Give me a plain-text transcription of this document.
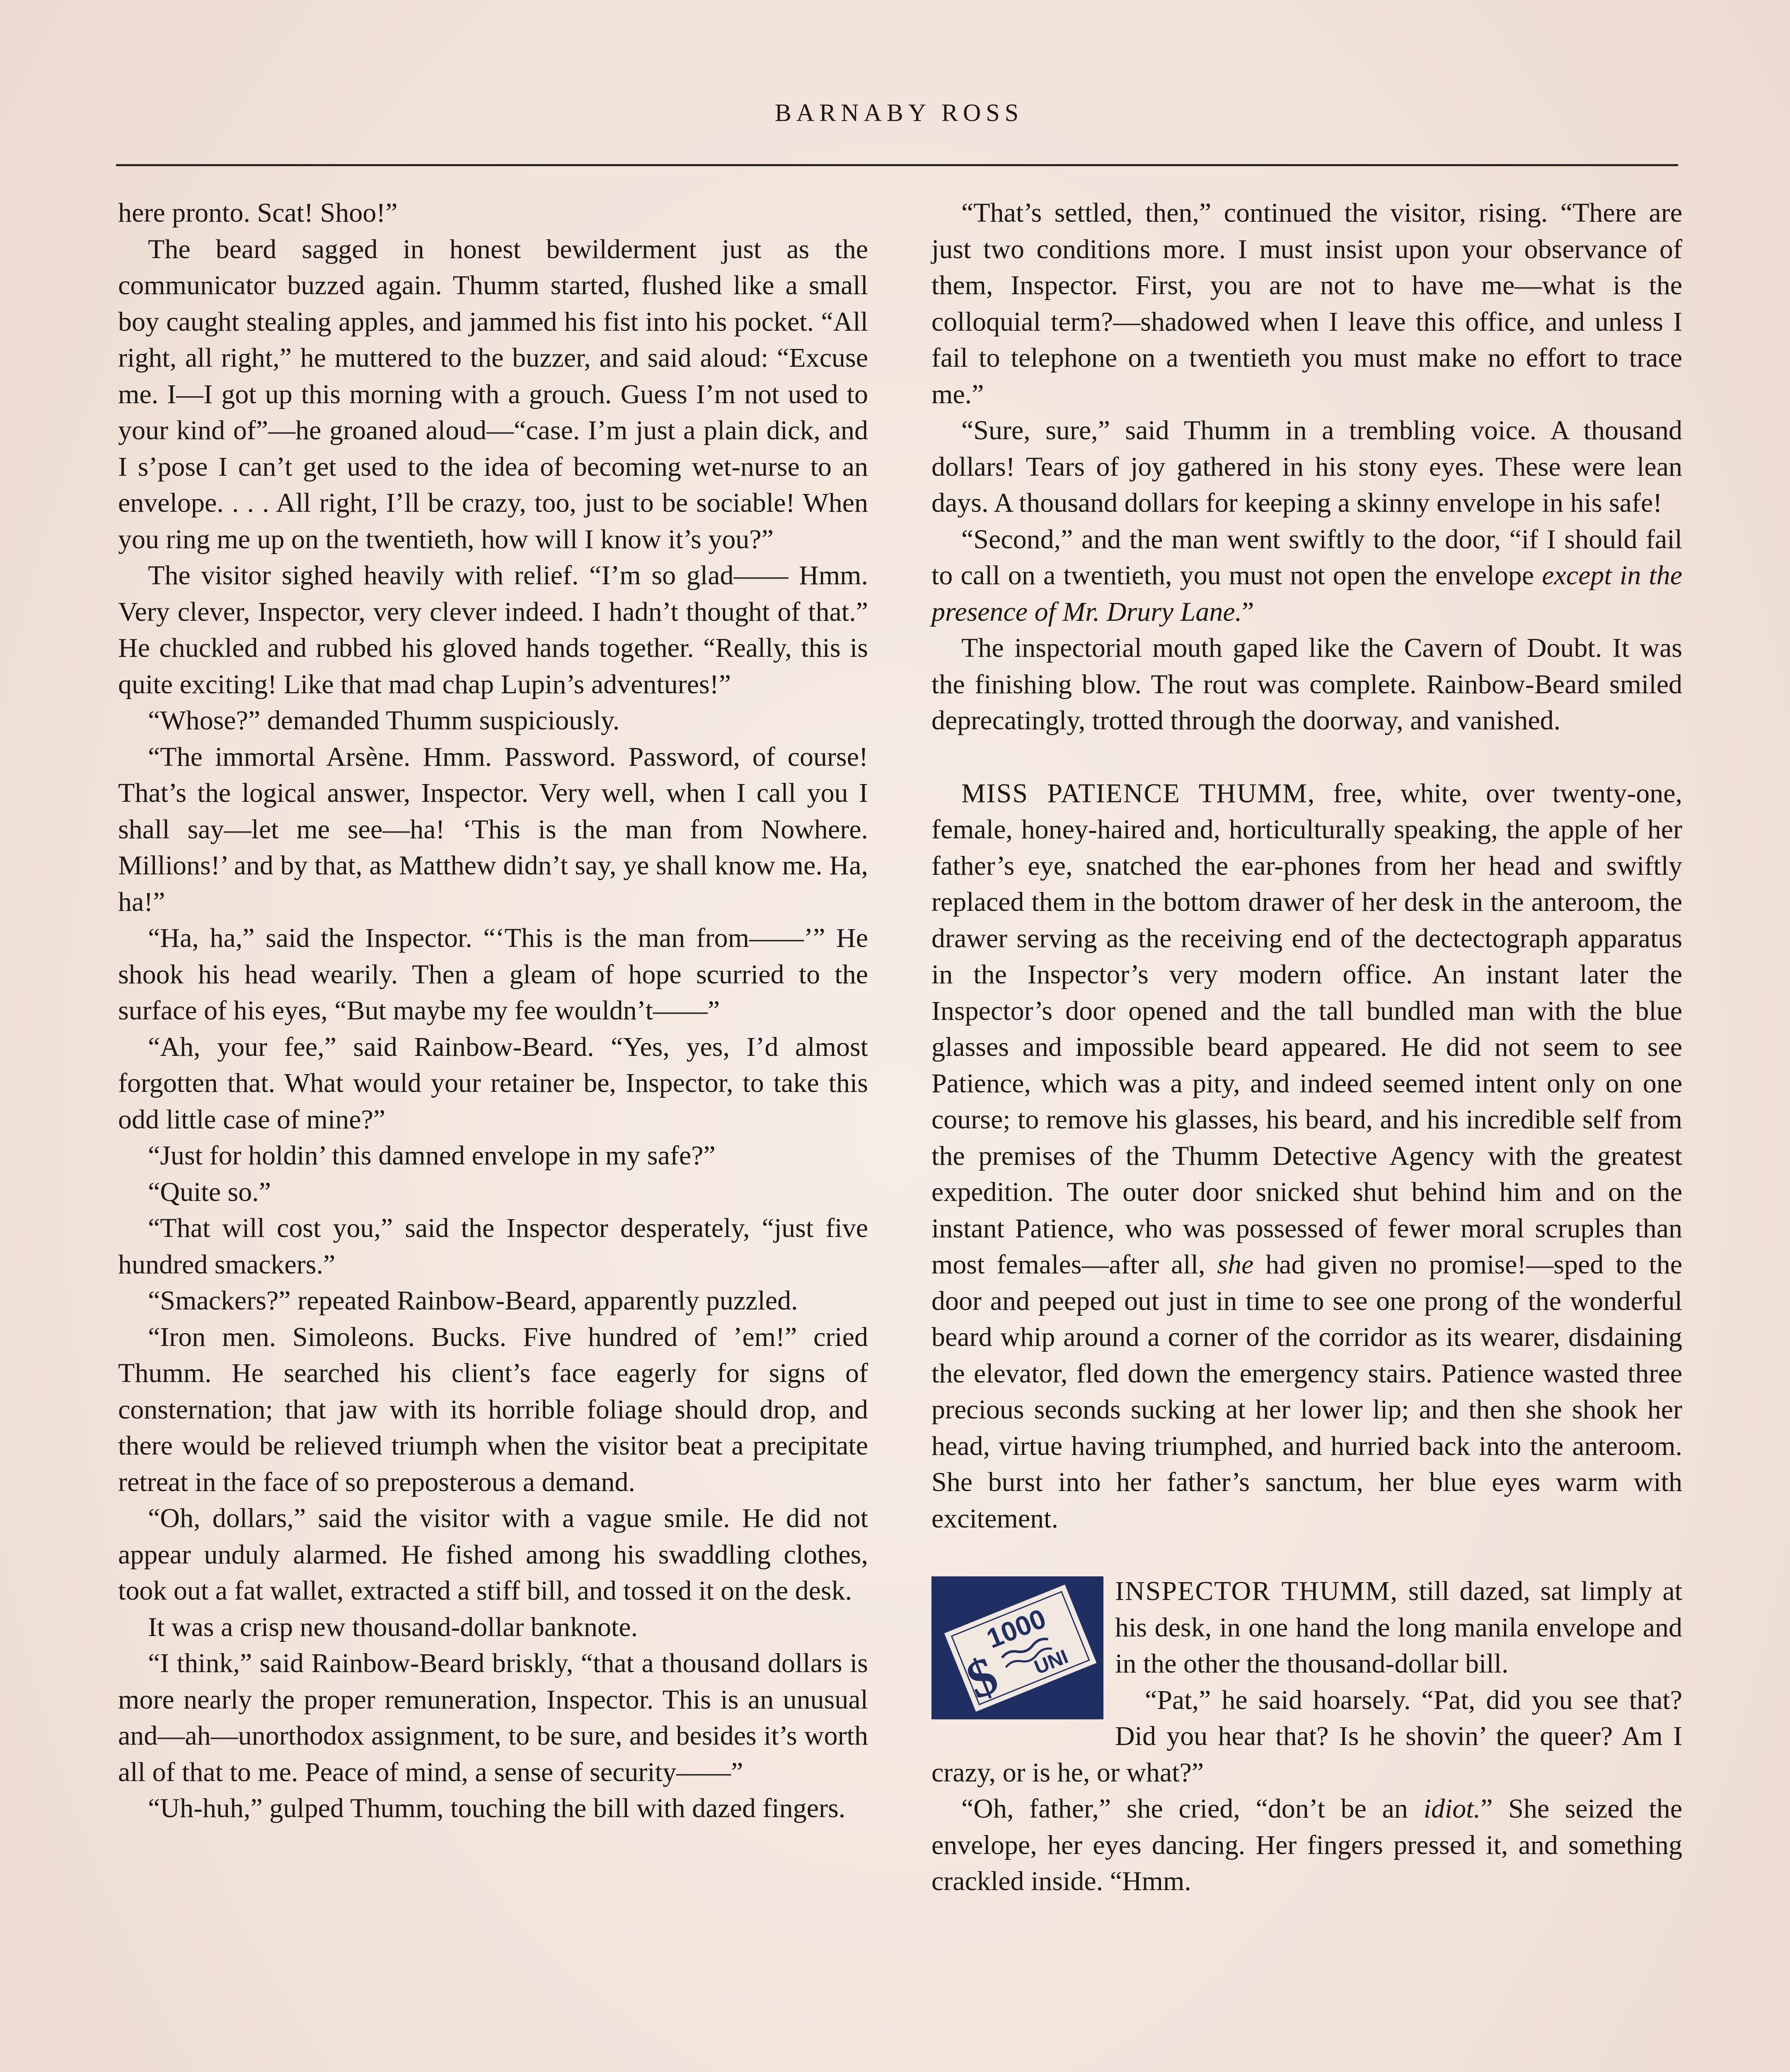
BARNABY ROSS

here pronto. Scat! Shoo!”

The beard sagged in honest bewilderment just as the communicator buzzed again. Thumm started, flushed like a small boy caught stealing apples, and jammed his fist into his pocket. “All right, all right,” he muttered to the buzzer, and said aloud: “Excuse me. I—I got up this morning with a grouch. Guess I’m not used to your kind of”—he groaned aloud—“case. I’m just a plain dick, and I s’pose I can’t get used to the idea of becoming wet-nurse to an envelope. . . . All right, I’ll be crazy, too, just to be sociable! When you ring me up on the twentieth, how will I know it’s you?”

The visitor sighed heavily with relief. “I’m so glad—— Hmm. Very clever, Inspector, very clever indeed. I hadn’t thought of that.” He chuckled and rubbed his gloved hands together. “Really, this is quite exciting! Like that mad chap Lupin’s adventures!”

“Whose?” demanded Thumm suspiciously.

“The immortal Arsène. Hmm. Password. Password, of course! That’s the logical answer, Inspector. Very well, when I call you I shall say—let me see—ha! ‘This is the man from Nowhere. Millions!’ and by that, as Matthew didn’t say, ye shall know me. Ha, ha!”

“Ha, ha,” said the Inspector. “‘This is the man from——’” He shook his head wearily. Then a gleam of hope scurried to the surface of his eyes, “But maybe my fee wouldn’t——”

“Ah, your fee,” said Rainbow-Beard. “Yes, yes, I’d almost forgotten that. What would your retainer be, Inspector, to take this odd little case of mine?”

“Just for holdin’ this damned envelope in my safe?”

“Quite so.”

“That will cost you,” said the Inspector desperately, “just five hundred smackers.”

“Smackers?” repeated Rainbow-Beard, apparently puzzled.

“Iron men. Simoleons. Bucks. Five hundred of ’em!” cried Thumm. He searched his client’s face eagerly for signs of consternation; that jaw with its horrible foliage should drop, and there would be relieved triumph when the visitor beat a precipitate retreat in the face of so preposterous a demand.

“Oh, dollars,” said the visitor with a vague smile. He did not appear unduly alarmed. He fished among his swaddling clothes, took out a fat wallet, extracted a stiff bill, and tossed it on the desk.

It was a crisp new thousand-dollar banknote.

“I think,” said Rainbow-Beard briskly, “that a thousand dollars is more nearly the proper remuneration, Inspector. This is an unusual and—ah—unorthodox assignment, to be sure, and besides it’s worth all of that to me. Peace of mind, a sense of security——”

“Uh-huh,” gulped Thumm, touching the bill with dazed fingers.

“That’s settled, then,” continued the visitor, rising. “There are just two conditions more. I must insist upon your observance of them, Inspector. First, you are not to have me—what is the colloquial term?—shadowed when I leave this office, and unless I fail to telephone on a twentieth you must make no effort to trace me.”

“Sure, sure,” said Thumm in a trembling voice. A thousand dollars! Tears of joy gathered in his stony eyes. These were lean days. A thousand dollars for keeping a skinny envelope in his safe!

“Second,” and the man went swiftly to the door, “if I should fail to call on a twentieth, you must not open the envelope except in the presence of Mr. Drury Lane.”

The inspectorial mouth gaped like the Cavern of Doubt. It was the finishing blow. The rout was complete. Rainbow-Beard smiled deprecatingly, trotted through the doorway, and vanished.

MISS PATIENCE THUMM, free, white, over twenty-one, female, honey-haired and, horticulturally speaking, the apple of her father’s eye, snatched the ear-phones from her head and swiftly replaced them in the bottom drawer of her desk in the anteroom, the drawer serving as the receiving end of the dectectograph apparatus in the Inspector’s very modern office. An instant later the Inspector’s door opened and the tall bundled man with the blue glasses and impossible beard appeared. He did not seem to see Patience, which was a pity, and indeed seemed intent only on one course; to remove his glasses, his beard, and his incredible self from the premises of the Thumm Detective Agency with the greatest expedition. The outer door snicked shut behind him and on the instant Patience, who was possessed of fewer moral scruples than most females—after all, she had given no promise!—sped to the door and peeped out just in time to see one prong of the wonderful beard whip around a corner of the corridor as its wearer, disdaining the elevator, fled down the emergency stairs. Patience wasted three precious seconds sucking at her lower lip; and then she shook her head, virtue having triumphed, and hurried back into the anteroom. She burst into her father’s sanctum, her blue eyes warm with excitement.

1000
$ UNI

INSPECTOR THUMM, still dazed, sat limply at his desk, in one hand the long manila envelope and in the other the thousand-dollar bill.

“Pat,” he said hoarsely. “Pat, did you see that? Did you hear that? Is he shovin’ the queer? Am I crazy, or is he, or what?”

“Oh, father,” she cried, “don’t be an idiot.” She seized the envelope, her eyes dancing. Her fingers pressed it, and something crackled inside. “Hmm.
